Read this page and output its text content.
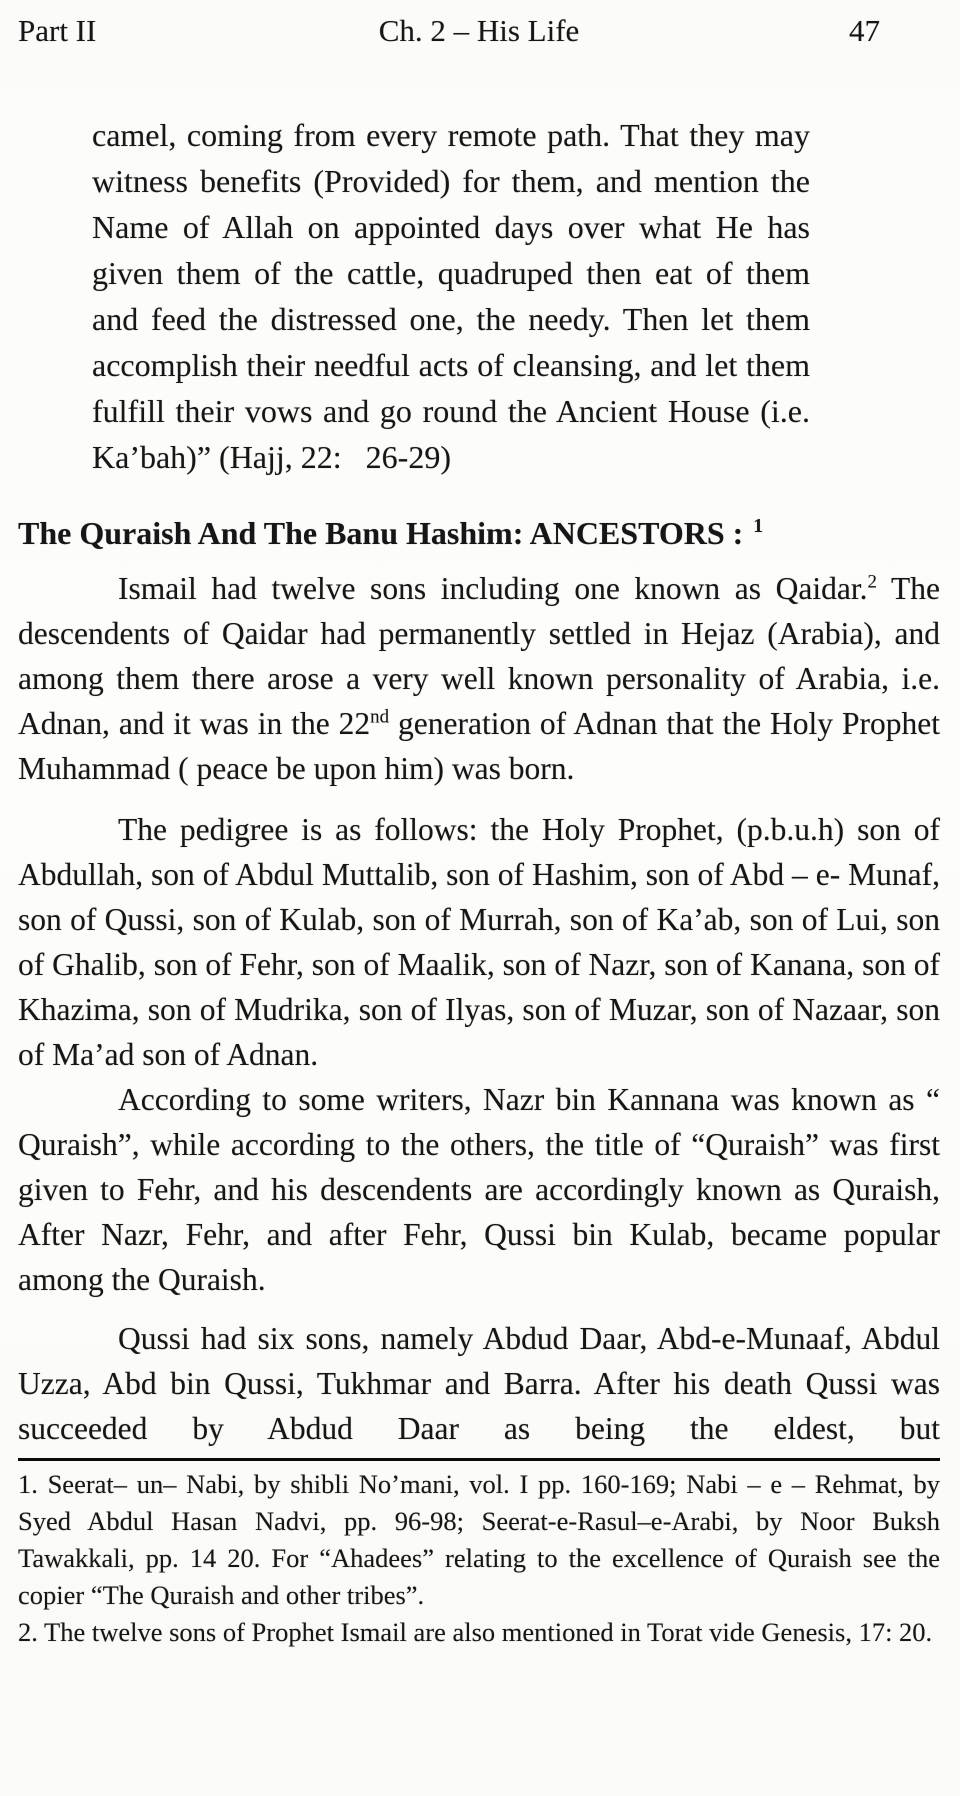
Part II	Ch. 2 – His Life	47
camel, coming from every remote path. That they may witness benefits (Provided) for them, and mention the Name of Allah on appointed days over what He has given them of the cattle, quadruped then eat of them and feed the distressed one, the needy. Then let them accomplish their needful acts of cleansing, and let them fulfill their vows and go round the Ancient House (i.e. Ka’bah)” (Hajj, 22:   26-29)
The Quraish And The Banu Hashim: ANCESTORS : $^1$

Ismail had twelve sons including one known as Qaidar.$^2$ The descendents of Qaidar had permanently settled in Hejaz (Arabia), and among them there arose a very well known personality of Arabia, i.e. Adnan, and it was in the 22nd generation of Adnan that the Holy Prophet Muhammad ( peace be upon him) was born.

The pedigree is as follows: the Holy Prophet, (p.b.u.h) son of Abdullah, son of Abdul Muttalib, son of Hashim, son of Abd – e- Munaf, son of Qussi, son of Kulab, son of Murrah, son of Ka’ab, son of Lui, son of Ghalib, son of Fehr, son of Maalik, son of Nazr, son of Kanana, son of Khazima, son of Mudrika, son of Ilyas, son of Muzar, son of Nazaar, son of Ma’ad son of Adnan.

According to some writers, Nazr bin Kannana was known as “ Quraish”, while according to the others, the title of “Quraish” was first given to Fehr, and his descendents are accordingly known as Quraish, After Nazr, Fehr, and after Fehr, Qussi bin Kulab, became popular among the Quraish.

Qussi had six sons, namely Abdud Daar, Abd-e-Munaaf, Abdul Uzza, Abd bin Qussi, Tukhmar and Barra. After his death Qussi was succeeded by Abdud Daar as being the eldest, but

1. Seerat– un– Nabi, by shibli No’mani, vol. I pp. 160-169; Nabi – e – Rehmat, by Syed Abdul Hasan Nadvi, pp. 96-98; Seerat-e-Rasul–e-Arabi, by Noor Buksh Tawakkali, pp. 14 20. For “Ahadees” relating to the excellence of Quraish see the copier “The Quraish and other tribes”.

2. The twelve sons of Prophet Ismail are also mentioned in Torat vide Genesis, 17: 20.
